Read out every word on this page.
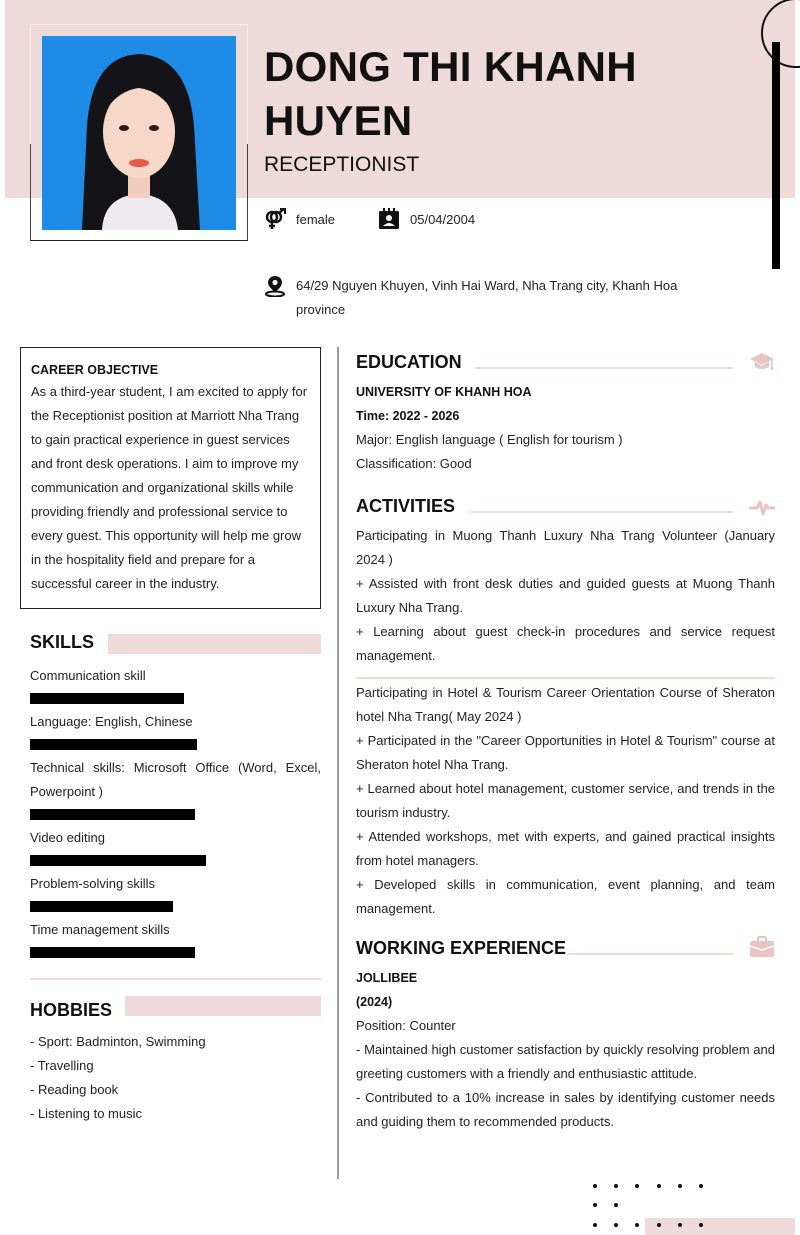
DONG THI KHANH HUYEN
RECEPTIONIST
female	05/04/2004
64/29 Nguyen Khuyen, Vinh Hai Ward, Nha Trang city, Khanh Hoa province
CAREER OBJECTIVE
As a third-year student, I am excited to apply for the Receptionist position at Marriott Nha Trang to gain practical experience in guest services and front desk operations. I aim to improve my communication and organizational skills while providing friendly and professional service to every guest. This opportunity will help me grow in the hospitality field and prepare for a successful career in the industry.
SKILLS
Communication skill
Language: English, Chinese
Technical skills: Microsoft Office (Word, Excel, Powerpoint )
Video editing
Problem-solving skills
Time management skills
HOBBIES
- Sport: Badminton, Swimming
- Travelling
- Reading book
- Listening to music
EDUCATION
UNIVERSITY OF KHANH HOA
Time: 2022 - 2026
Major: English language ( English for tourism )
Classification: Good
ACTIVITIES
Participating in Muong Thanh Luxury Nha Trang Volunteer (January 2024 )
+ Assisted with front desk duties and guided guests at Muong Thanh Luxury Nha Trang.
+ Learning about guest check-in procedures and service request management.
Participating in Hotel & Tourism Career Orientation Course of Sheraton hotel Nha Trang( May 2024 )
+ Participated in the "Career Opportunities in Hotel & Tourism" course at Sheraton hotel Nha Trang.
+ Learned about hotel management, customer service, and trends in the tourism industry.
+ Attended workshops, met with experts, and gained practical insights from hotel managers.
+ Developed skills in communication, event planning, and team management.
WORKING EXPERIENCE
JOLLIBEE
(2024)
Position: Counter
- Maintained high customer satisfaction by quickly resolving problem and greeting customers with a friendly and enthusiastic attitude.
- Contributed to a 10% increase in sales by identifying customer needs and guiding them to recommended products.
